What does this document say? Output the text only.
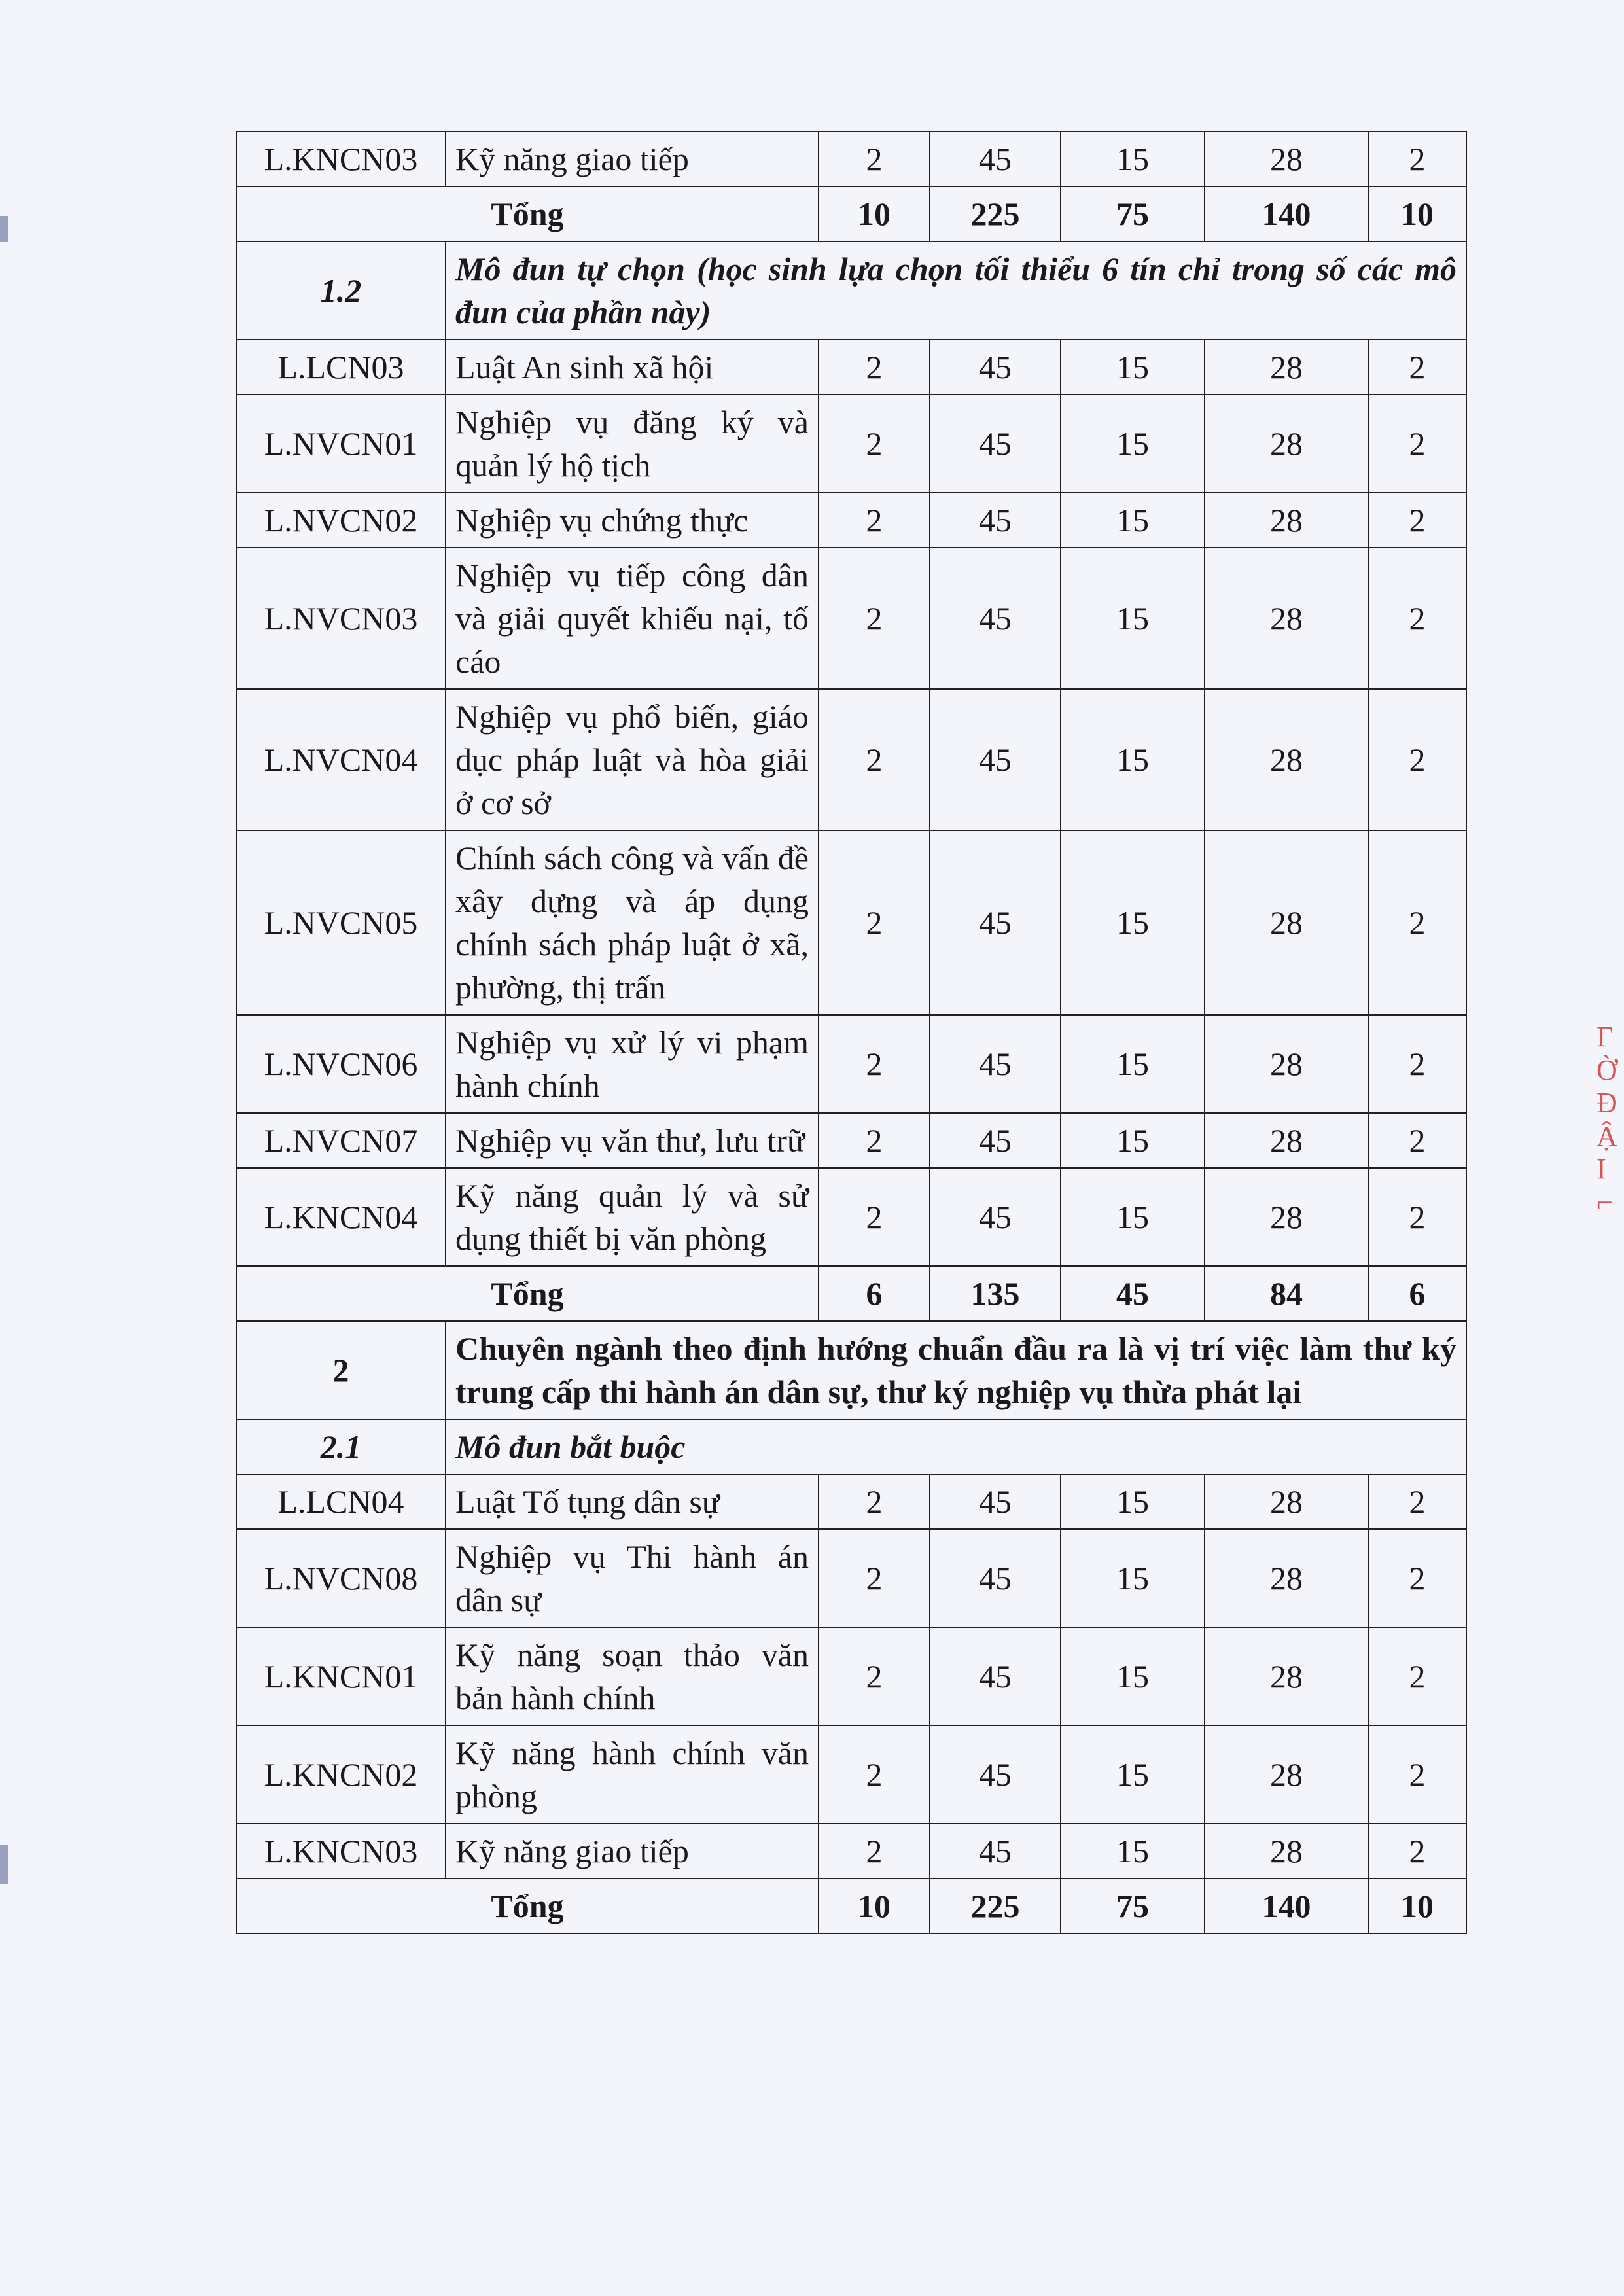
L.KNCN03	Kỹ năng giao tiếp	2	45	15	28	2
Tổng		10	225	75	140	10
1.2	Mô đun tự chọn (học sinh lựa chọn tối thiểu 6 tín chỉ trong số các mô đun của phần này)					
L.LCN03	Luật An sinh xã hội	2	45	15	28	2
L.NVCN01	Nghiệp vụ đăng ký và quản lý hộ tịch	2	45	15	28	2
L.NVCN02	Nghiệp vụ chứng thực	2	45	15	28	2
L.NVCN03	Nghiệp vụ tiếp công dân và giải quyết khiếu nại, tố cáo	2	45	15	28	2
L.NVCN04	Nghiệp vụ phổ biến, giáo dục pháp luật và hòa giải ở cơ sở	2	45	15	28	2
L.NVCN05	Chính sách công và vấn đề xây dựng và áp dụng chính sách pháp luật ở xã, phường, thị trấn	2	45	15	28	2
L.NVCN06	Nghiệp vụ xử lý vi phạm hành chính	2	45	15	28	2
L.NVCN07	Nghiệp vụ văn thư, lưu trữ	2	45	15	28	2
L.KNCN04	Kỹ năng quản lý và sử dụng thiết bị văn phòng	2	45	15	28	2
Tổng		6	135	45	84	6
2	Chuyên ngành theo định hướng chuẩn đầu ra là vị trí việc làm thư ký trung cấp thi hành án dân sự, thư ký nghiệp vụ thừa phát lại					
2.1	Mô đun bắt buộc					
L.LCN04	Luật Tố tụng dân sự	2	45	15	28	2
L.NVCN08	Nghiệp vụ Thi hành án dân sự	2	45	15	28	2
L.KNCN01	Kỹ năng soạn thảo văn bản hành chính	2	45	15	28	2
L.KNCN02	Kỹ năng hành chính văn phòng	2	45	15	28	2
L.KNCN03	Kỹ năng giao tiếp	2	45	15	28	2
Tổng		10	225	75	140	10
Γ
Ờ
Đ
Ậ
I
⌐
